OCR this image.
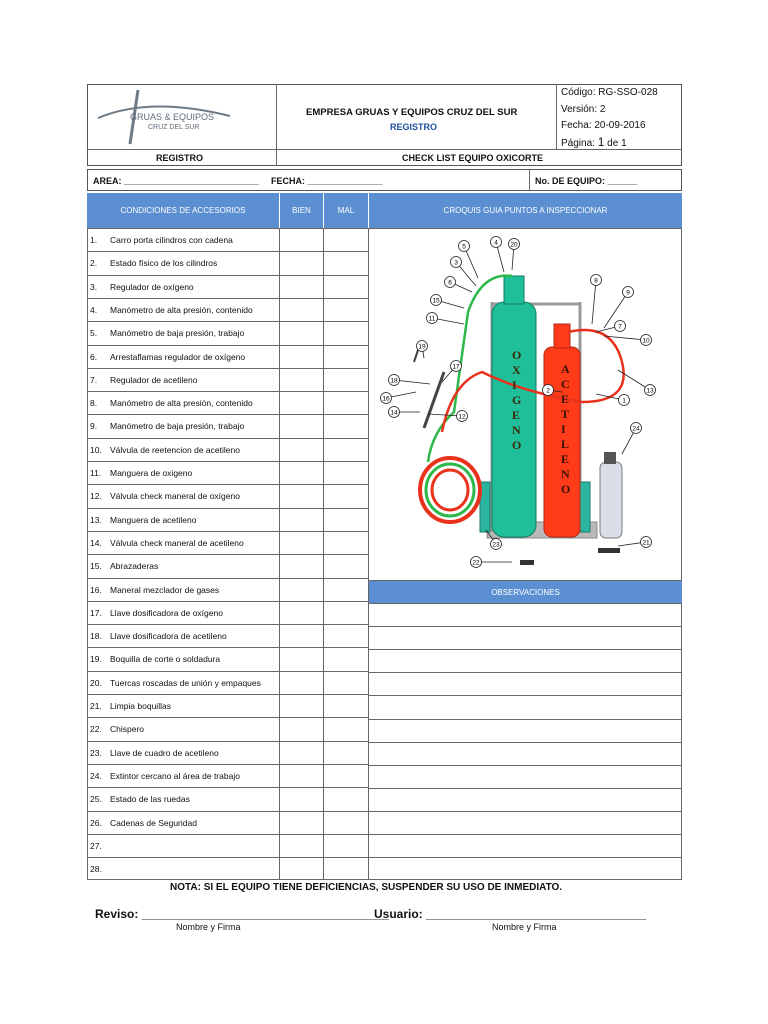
GRUAS & EQUIPOS
CRUZ DEL SUR
EMPRESA GRUAS Y EQUIPOS CRUZ DEL SUR
REGISTRO
Código: RG-SSO-028
Versión: 2
Fecha: 20-09-2016
Página: 1 de 1
REGISTRO	CHECK LIST EQUIPO OXICORTE
AREA: ___________________________ FECHA: _______________	No. DE EQUIPO: ______
CONDICIONES DE ACCESORIOS	BIEN	MAL	CROQUIS GUIA PUNTOS A INSPECCIONAR
1. Carro porta cilindros con cadena
2. Estado físico de los cilindros
3. Regulador de oxígeno
4. Manómetro de alta presión, contenido
5. Manómetro de baja presión, trabajo
6. Arrestaflamas regulador de oxígeno
7. Regulador de acetileno
8. Manómetro de alta presión, contenido
9. Manómetro de baja presión, trabajo
10. Válvula de reetencion de acetileno
11. Manguera de oxigeno
12. Válvula check maneral de oxígeno
13. Manguera de acetileno
14. Válvula check maneral de acetileno
15. Abrazaderas
16. Maneral mezclador de gases
17. Llave dosificadora de oxígeno
18. Llave dosificadora de acetileno
19. Boquilla de corte o soldadura
20. Tuercas roscadas de unión y empaques
21. Limpia boquillas
22. Chispero
23. Llave de cuadro de acetileno
24. Extintor cercano al área de trabajo
25. Estado de las ruedas
26. Cadenas de Seguridad
27.
28.
OBSERVACIONES
1
2
3
4
5
6
7
8
9
10
11
12
13
14
15
16
17
18
19
20
21
22
23
24
O
X
I
G
E
N
O
A
C
E
T
I
L
E
N
O
NOTA: SI EL EQUIPO TIENE DEFICIENCIAS, SUSPENDER SU USO DE INMEDIATO.
Reviso: _____________________________________
Usuario: _________________________________
Nombre y Firma	Nombre y Firma
